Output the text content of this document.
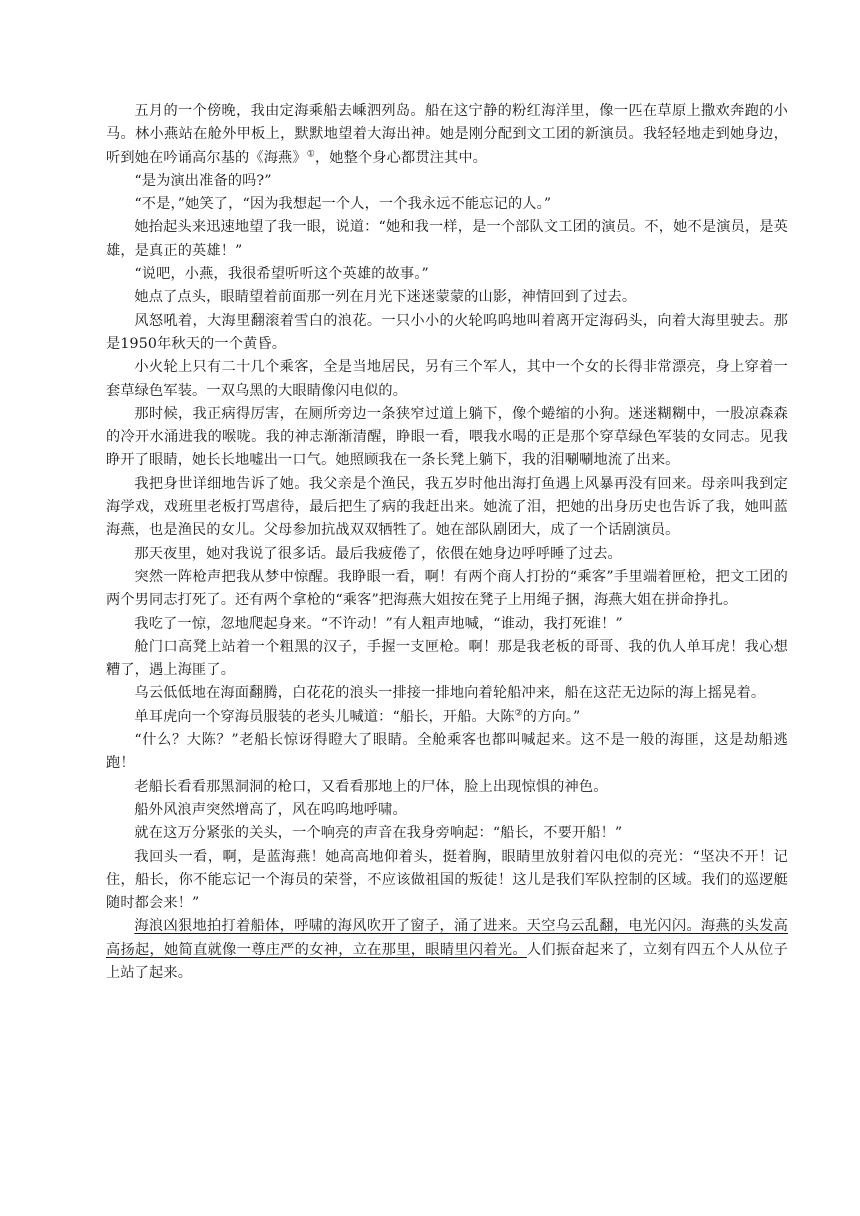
五月的一个傍晚，我由定海乘船去嵊泗列岛。船在这宁静的粉红海洋里，像一匹在草原上撒欢奔跑的小马。林小燕站在舱外甲板上，默默地望着大海出神。她是刚分配到文工团的新演员。我轻轻地走到她身边，听到她在吟诵高尔基的《海燕》①，她整个身心都贯注其中。

“是为演出准备的吗?”

“不是，”她笑了，“因为我想起一个人，一个我永远不能忘记的人。”

她抬起头来迅速地望了我一眼，说道：“她和我一样，是一个部队文工团的演员。不，她不是演员，是英雄，是真正的英雄！”

“说吧，小燕，我很希望听听这个英雄的故事。”

她点了点头，眼睛望着前面那一列在月光下迷迷蒙蒙的山影，神情回到了过去。

风怒吼着，大海里翻滚着雪白的浪花。一只小小的火轮呜呜地叫着离开定海码头，向着大海里驶去。那是1950年秋天的一个黄昏。

小火轮上只有二十几个乘客，全是当地居民，另有三个军人，其中一个女的长得非常漂亮，身上穿着一套草绿色军装。一双乌黑的大眼睛像闪电似的。

那时候，我正病得厉害，在厕所旁边一条狭窄过道上躺下，像个蜷缩的小狗。迷迷糊糊中，一股凉森森的冷开水涌进我的喉咙。我的神志渐渐清醒，睁眼一看，喂我水喝的正是那个穿草绿色军装的女同志。见我睁开了眼睛，她长长地嘘出一口气。她照顾我在一条长凳上躺下，我的泪唰唰地流了出来。

我把身世详细地告诉了她。我父亲是个渔民，我五岁时他出海打鱼遇上风暴再没有回来。母亲叫我到定海学戏，戏班里老板打骂虐待，最后把生了病的我赶出来。她流了泪，把她的出身历史也告诉了我，她叫蓝海燕，也是渔民的女儿。父母参加抗战双双牺牲了。她在部队剧团大，成了一个话剧演员。

那天夜里，她对我说了很多话。最后我疲倦了，依偎在她身边呼呼睡了过去。

突然一阵枪声把我从梦中惊醒。我睁眼一看，啊！有两个商人打扮的“乘客”手里端着匣枪，把文工团的两个男同志打死了。还有两个拿枪的“乘客”把海燕大姐按在凳子上用绳子捆，海燕大姐在拼命挣扎。

我吃了一惊，忽地爬起身来。“不许动！”有人粗声地喊，“谁动，我打死谁！”

舱门口高凳上站着一个粗黑的汉子，手握一支匣枪。啊！那是我老板的哥哥、我的仇人单耳虎！我心想糟了，遇上海匪了。

乌云低低地在海面翻腾，白花花的浪头一排接一排地向着轮船冲来，船在这茫无边际的海上摇晃着。

单耳虎向一个穿海员服装的老头儿喊道：“船长，开船。大陈②的方向。”

“什么？大陈？”老船长惊讶得瞪大了眼睛。全舱乘客也都叫喊起来。这不是一般的海匪，这是劫船逃跑！

老船长看看那黑洞洞的枪口，又看看那地上的尸体，脸上出现惊惧的神色。

船外风浪声突然增高了，风在呜呜地呼啸。

就在这万分紧张的关头，一个响亮的声音在我身旁响起：“船长，不要开船！”

我回头一看，啊，是蓝海燕！她高高地仰着头，挺着胸，眼睛里放射着闪电似的亮光：“坚决不开！记住，船长，你不能忘记一个海员的荣誉，不应该做祖国的叛徒！这儿是我们军队控制的区域。我们的巡逻艇随时都会来！”

海浪凶狠地拍打着船体，呼啸的海风吹开了窗子，涌了进来。天空乌云乱翻，电光闪闪。海燕的头发高高扬起，她简直就像一尊庄严的女神，立在那里，眼睛里闪着光。人们振奋起来了，立刻有四五个人从位子上站了起来。
